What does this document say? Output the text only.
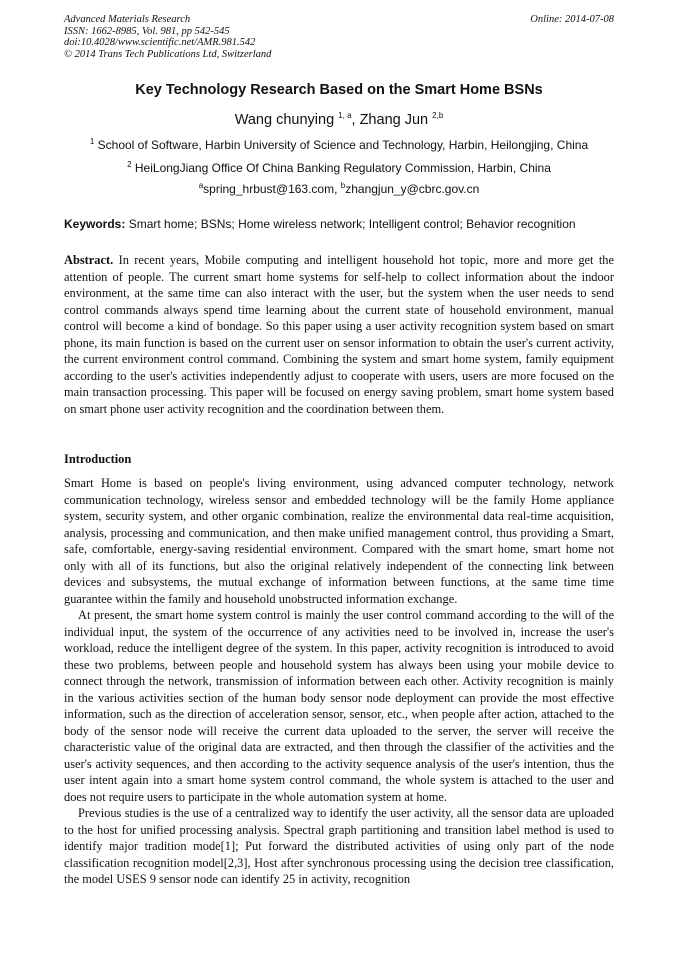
Advanced Materials Research
ISSN: 1662-8985, Vol. 981, pp 542-545
doi:10.4028/www.scientific.net/AMR.981.542
© 2014 Trans Tech Publications Ltd, Switzerland
Online: 2014-07-08
Key Technology Research Based on the Smart Home BSNs
Wang chunying $^{1, a}$, Zhang Jun $^{2,b}$
$^1$ School of Software, Harbin University of Science and Technology, Harbin, Heilongjing, China
$^2$ HeiLongJiang Office Of China Banking Regulatory Commission, Harbin, China
$^a$spring_hrbust@163.com, $^b$zhangjun_y@cbrc.gov.cn
Keywords: Smart home; BSNs; Home wireless network; Intelligent control; Behavior recognition

Abstract. In recent years, Mobile computing and intelligent household hot topic, more and more get the attention of people. The current smart home systems for self-help to collect information about the indoor environment, at the same time can also interact with the user, but the system when the user needs to send control commands always spend time learning about the current state of household environment, manual control will become a kind of bondage. So this paper using a user activity recognition system based on smart phone, its main function is based on the current user on sensor information to obtain the user's current activity, the current environment control command. Combining the system and smart home system, family equipment according to the user's activities independently adjust to cooperate with users, users are more focused on the main transaction processing. This paper will be focused on energy saving problem, smart home system based on smart phone user activity recognition and the coordination between them.

Introduction

Smart Home is based on people's living environment, using advanced computer technology, network communication technology, wireless sensor and embedded technology will be the family Home appliance system, security system, and other organic combination, realize the environmental data real-time acquisition, analysis, processing and communication, and then make unified management control, thus providing a Smart, safe, comfortable, energy-saving residential environment. Compared with the smart home, smart home not only with all of its functions, but also the original relatively independent of the connecting link between devices and subsystems, the mutual exchange of information between functions, at the same time time guarantee within the family and household unobstructed information exchange.

At present, the smart home system control is mainly the user control command according to the will of the individual input, the system of the occurrence of any activities need to be involved in, increase the user's workload, reduce the intelligent degree of the system. In this paper, activity recognition is introduced to avoid these two problems, between people and household system has always been using your mobile device to connect through the network, transmission of information between each other. Activity recognition is mainly in the various activities section of the human body sensor node deployment can provide the most effective information, such as the direction of acceleration sensor, sensor, etc., when people after action, attached to the body of the sensor node will receive the current data uploaded to the server, the server will receive the characteristic value of the original data are extracted, and then through the classifier of the activities and the user's activity sequences, and then according to the activity sequence analysis of the user's intention, thus the user intent again into a smart home system control command, the whole system is attached to the user and does not require users to participate in the whole automation system at home.

Previous studies is the use of a centralized way to identify the user activity, all the sensor data are uploaded to the host for unified processing analysis. Spectral graph partitioning and transition label method is used to identify major tradition mode[1]; Put forward the distributed activities of using only part of the node classification recognition model[2,3], Host after synchronous processing using the decision tree classification, the model USES 9 sensor node can identify 25 in activity, recognition
